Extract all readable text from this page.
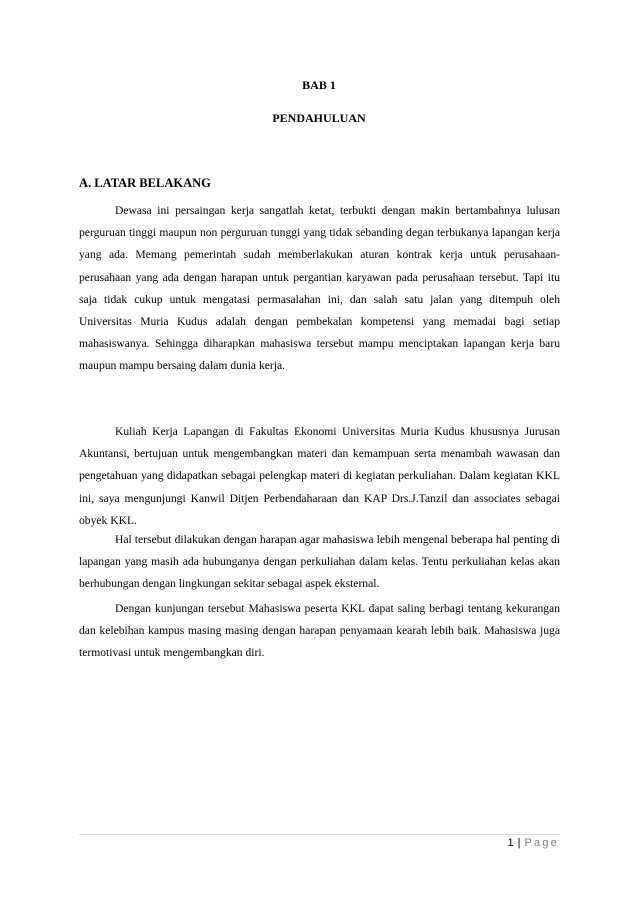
BAB 1
PENDAHULUAN
A. LATAR BELAKANG

Dewasa ini persaingan kerja sangatlah ketat, terbukti dengan makin bertambahnya lulusan perguruan tinggi maupun non perguruan tunggi yang tidak sebanding degan terbukanya lapangan kerja yang ada. Memang pemerintah sudah memberlakukan aturan kontrak kerja untuk perusahaan-perusahaan yang ada dengan harapan untuk pergantian karyawan pada perusahaan tersebut. Tapi itu saja tidak cukup untuk mengatasi permasalahan ini, dan salah satu jalan yang ditempuh oleh Universitas Muria Kudus adalah dengan pembekalan kompetensi yang memadai bagi setiap mahasiswanya. Sehingga diharapkan mahasiswa tersebut mampu menciptakan lapangan kerja baru maupun mampu bersaing dalam dunia kerja.

Kuliah Kerja Lapangan di Fakultas Ekonomi Universitas Muria Kudus khususnya Jurusan Akuntansi, bertujuan untuk mengembangkan materi dan kemampuan serta menambah wawasan dan pengetahuan yang didapatkan sebagai pelengkap materi di kegiatan perkuliahan. Dalam kegiatan KKL ini, saya mengunjungi Kanwil Ditjen Perbendaharaan dan KAP Drs.J.Tanzil dan associates sebagai obyek KKL.

Hal tersebut dilakukan dengan harapan agar mahasiswa lebih mengenal beberapa hal penting di lapangan yang masih ada hubunganya dengan perkuliahan dalam kelas. Tentu perkuliahan kelas akan berhubungan dengan lingkungan sekitar sebagai aspek eksternal.

Dengan kunjungan tersebut Mahasiswa peserta KKL dapat saling berbagi tentang kekurangan dan kelebihan kampus masing masing dengan harapan penyamaan kearah lebih baik. Mahasiswa juga termotivasi untuk mengembangkan diri.

1 | Page
